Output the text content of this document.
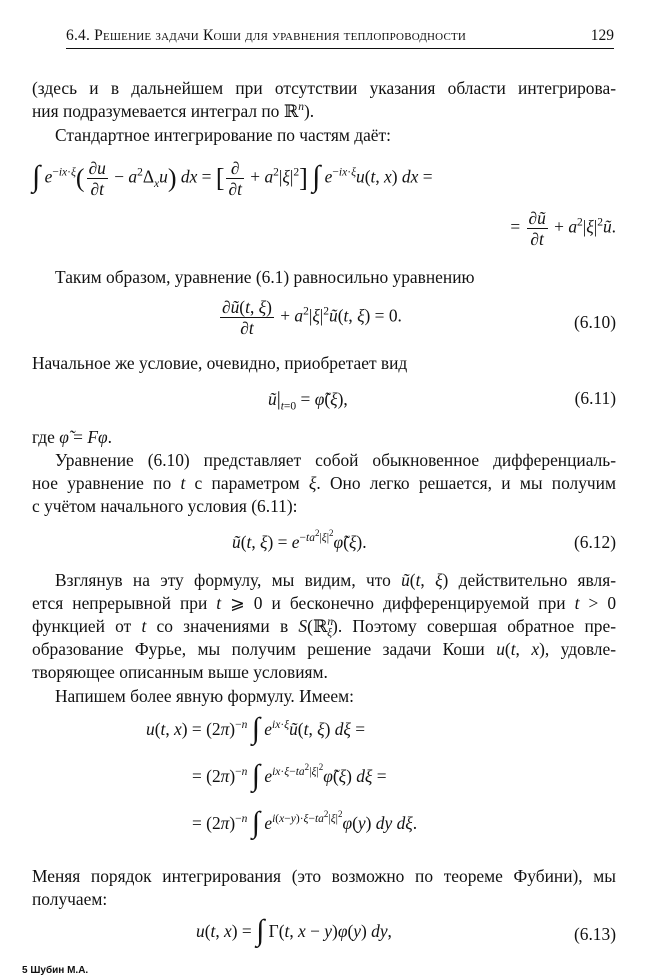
6.4. Решение задачи Коши для уравнения теплопроводности	129
(здесь и в дальнейшем при отсутствии указания области интегрирова-
ния подразумевается интеграл по ℝ$^n$).
Стандартное интегрирование по частям даёт:
∫ $e^{-ix\cdot\xi}( \frac{\partial u}{\partial t} - a^2\Delta_xu)$ dx = [ $\frac{\partial}{\partial t} + a^2|\xi|^2$] ∫ $e^{-ix\cdot\xi}u(t$, x) dx =
= $\frac{\partial ũ}{\partial t}$ + $a^2|\xi|^2ũ$.
Таким образом, уравнение (6.1) равносильно уравнению
$\frac{\partial ũ(t, \xi)}{\partial t}$ + $a^2|\xi|^2ũ(t$, ξ) = 0.	(6.10)
Начальное же условие, очевидно, приобретает вид
$ũ|_{t=0}$ = φ̃(ξ),	(6.11)
где φ̃ = Fφ.
Уравнение (6.10) представляет собой обыкновенное дифференциаль-
ное уравнение по t с параметром ξ. Оно легко решается, и мы получим
с учётом начального условия (6.11):
ũ(t, $\xi) = e^{-ta^2|\xi|^2}\varphĩ(\xi)$.	(6.12)
Взглянув на эту формулу, мы видим, что ũ(t, ξ) действительно явля-
ется непрерывной при t ⩾ 0 и бесконечно дифференцируемой при t > 0
функцией от t со значениями в S(ℝ$^n_\xi$). Поэтому совершая обратное пре-
образование Фурье, мы получим решение задачи Коши u(t, x), удовле-
творяющее описанным выше условиям.
Напишем более явную формулу. Имеем:
u(t, $x) = (2\pi)^{-n}$ ∫ $e^{ix\cdot\xi}ũ(t$, ξ) dξ =
= $(2\pi)^{-n}$ ∫ $e^{ix\cdot\xi-ta^2|\xi|^2}\varphĩ(\xi) d\xi$ =
= $(2\pi)^{-n}$ ∫ $e^{i(x-y)\cdot\xi-ta^2|\xi|^2}\varphi(y)$ dy dξ.
Меняя порядок интегрирования (это возможно по теореме Фубини), мы
получаем:
u(t, x) = ∫ Γ(t, x − y)φ(y) dy,	(6.13)
5 Шубин М.А.
